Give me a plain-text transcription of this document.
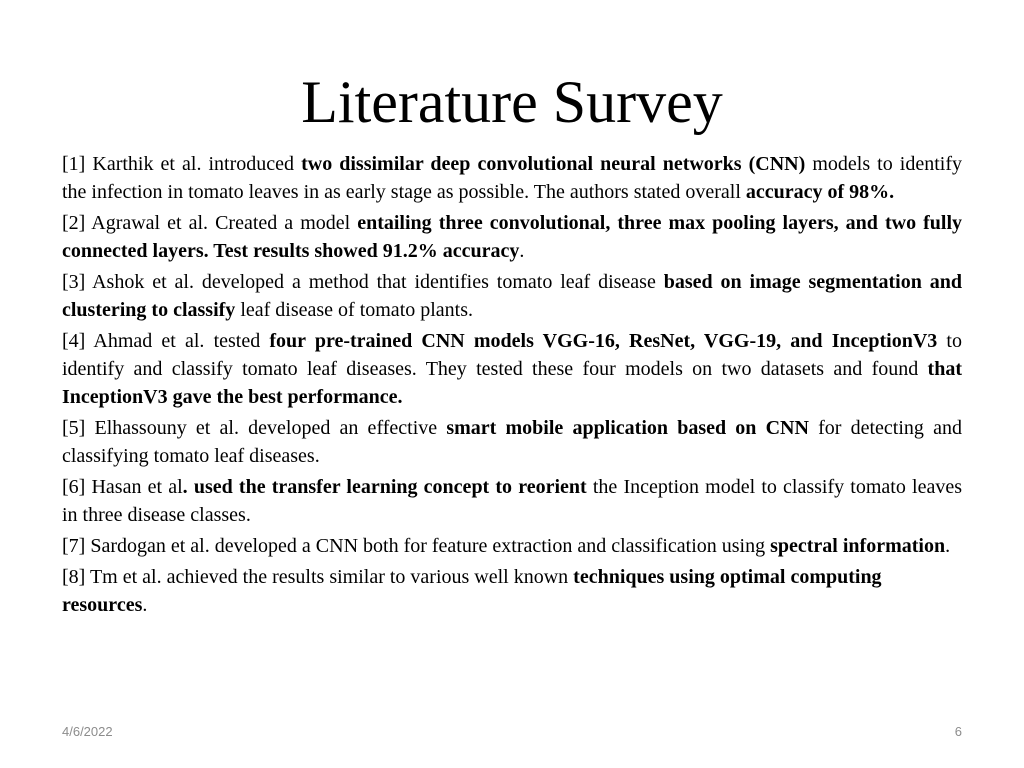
Literature Survey

[1] Karthik et al. introduced two dissimilar deep convolutional neural networks (CNN) models to identify the infection in tomato leaves in as early stage as possible. The authors stated overall accuracy of 98%.

[2] Agrawal et al. Created a model entailing three convolutional, three max pooling layers, and two fully connected layers. Test results showed 91.2% accuracy.

[3] Ashok et al. developed a method that identifies tomato leaf disease based on image segmentation and clustering to classify leaf disease of tomato plants.

[4] Ahmad et al. tested four pre-trained CNN models VGG-16, ResNet, VGG-19, and InceptionV3 to identify and classify tomato leaf diseases. They tested these four models on two datasets and found that InceptionV3 gave the best performance.

[5] Elhassouny et al. developed an effective smart mobile application based on CNN for detecting and classifying tomato leaf diseases.

[6] Hasan et al. used the transfer learning concept to reorient the Inception model to classify tomato leaves in three disease classes.

[7] Sardogan et al. developed a CNN both for feature extraction and classification using spectral information.

[8] Tm et al. achieved the results similar to various well known techniques using optimal computing resources.

4/6/2022	6
